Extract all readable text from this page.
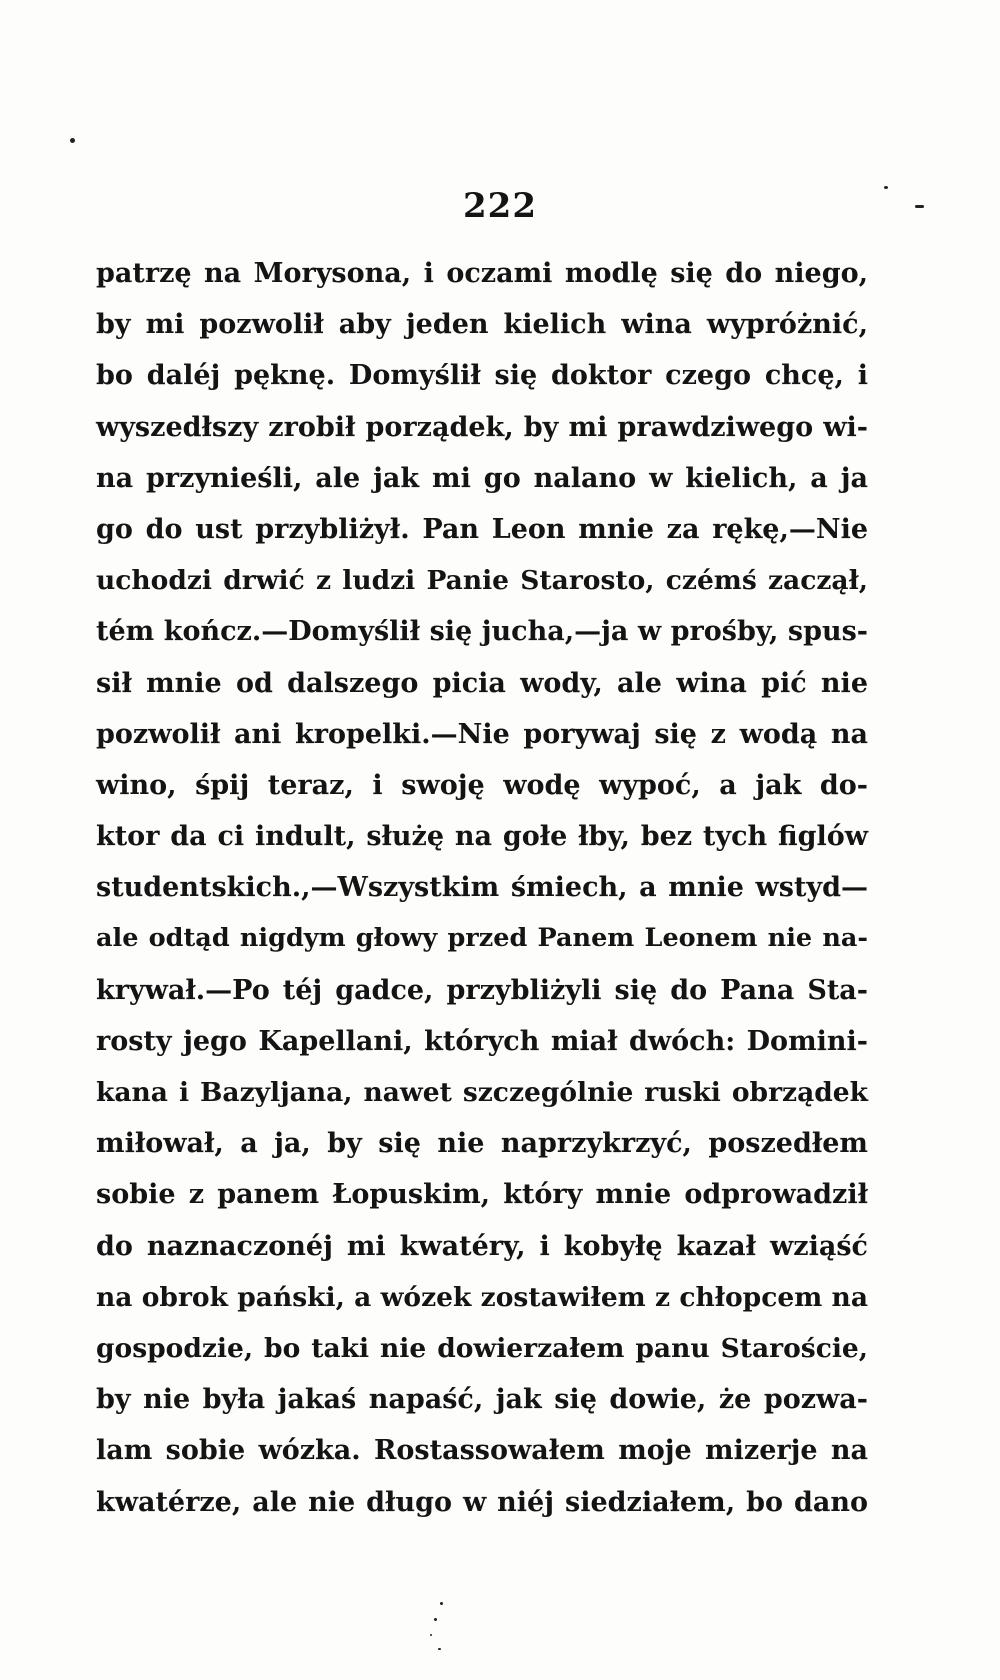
222
patrzę na Morysona, i oczami modlę się do niego,
by mi pozwolił aby jeden kielich wina wypróżnić,
bo daléj pęknę. Domyślił się doktor czego chcę, i
wyszedłszy zrobił porządek, by mi prawdziwego wi-
na przynieśli, ale jak mi go nalano w kielich, a ja
go do ust przybliżył. Pan Leon mnie za rękę,—Nie
uchodzi drwić z ludzi Panie Starosto, czémś zaczął,
tém kończ.—Domyślił się jucha,—ja w prośby, spus-
sił mnie od dalszego picia wody, ale wina pić nie
pozwolił ani kropelki.—Nie porywaj się z wodą na
wino, śpij teraz, i swoję wodę wypoć, a jak do-
ktor da ci indult, służę na gołe łby, bez tych figlów
studentskich.,—Wszystkim śmiech, a mnie wstyd—
ale odtąd nigdym głowy przed Panem Leonem nie na-
krywał.—Po téj gadce, przybliżyli się do Pana Sta-
rosty jego Kapellani, których miał dwóch: Domini-
kana i Bazyljana, nawet szczególnie ruski obrządek
miłował, a ja, by się nie naprzykrzyć, poszedłem
sobie z panem Łopuskim, który mnie odprowadził
do naznaczonéj mi kwatéry, i kobyłę kazał wziąść
na obrok pański, a wózek zostawiłem z chłopcem na
gospodzie, bo taki nie dowierzałem panu Staroście,
by nie była jakaś napaść, jak się dowie, że pozwa-
lam sobie wózka. Rostassowałem moje mizerje na
kwatérze, ale nie długo w niéj siedziałem, bo dano
